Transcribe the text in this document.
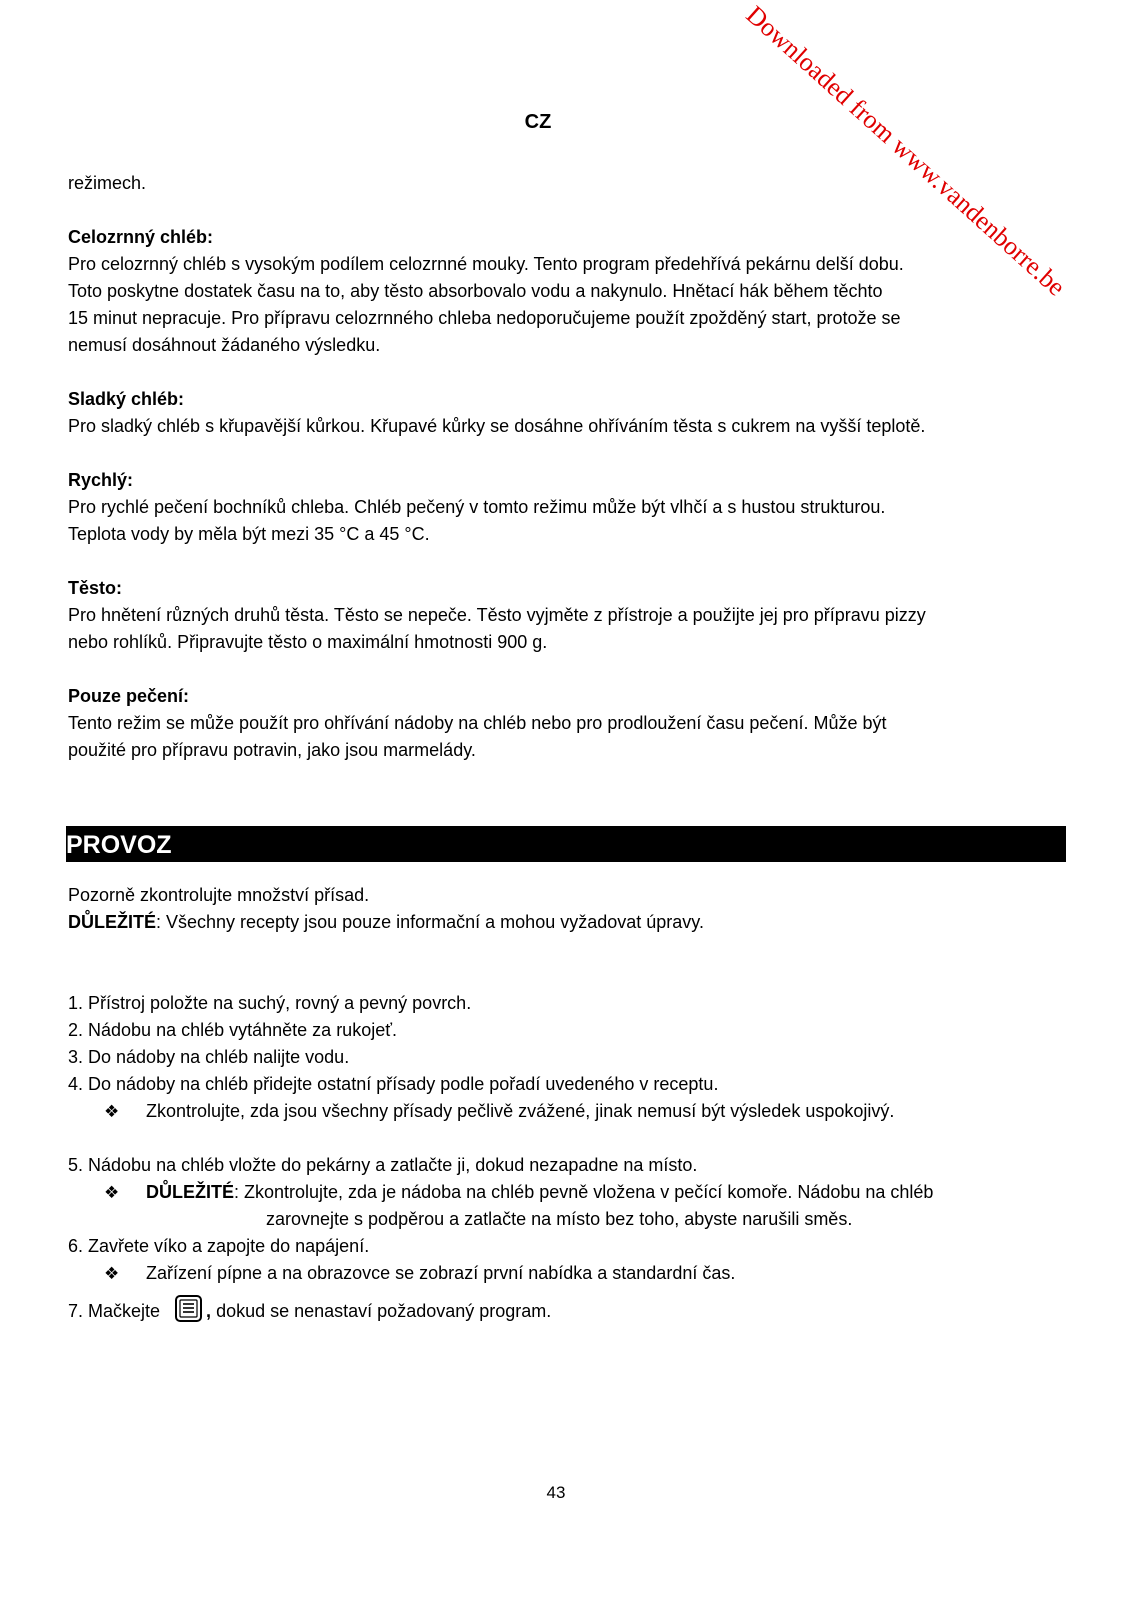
CZ	Downloaded from www.vandenborre.be

režimech.

Celozrnný chléb:

Pro celozrnný chléb s vysokým podílem celozrnné mouky. Tento program předehřívá pekárnu delší dobu.

Toto poskytne dostatek času na to, aby těsto absorbovalo vodu a nakynulo. Hnětací hák během těchto

15 minut nepracuje. Pro přípravu celozrnného chleba nedoporučujeme použít zpožděný start, protože se

nemusí dosáhnout žádaného výsledku.

Sladký chléb:

Pro sladký chléb s křupavější kůrkou. Křupavé kůrky se dosáhne ohříváním těsta s cukrem na vyšší teplotě.

Rychlý:

Pro rychlé pečení bochníků chleba. Chléb pečený v tomto režimu může být vlhčí a s hustou strukturou.

Teplota vody by měla být mezi 35 °C a 45 °C.

Těsto:

Pro hnětení různých druhů těsta. Těsto se nepeče. Těsto vyjměte z přístroje a použijte jej pro přípravu pizzy

nebo rohlíků. Připravujte těsto o maximální hmotnosti 900 g.

Pouze pečení:

Tento režim se může použít pro ohřívání nádoby na chléb nebo pro prodloužení času pečení. Může být

použité pro přípravu potravin, jako jsou marmelády.

PROVOZ

Pozorně zkontrolujte množství přísad.

DŮLEŽITÉ: Všechny recepty jsou pouze informační a mohou vyžadovat úpravy.

1. Přístroj položte na suchý, rovný a pevný povrch.

2. Nádobu na chléb vytáhněte za rukojeť.

3. Do nádoby na chléb nalijte vodu.

4. Do nádoby na chléb přidejte ostatní přísady podle pořadí uvedeného v receptu.

❖ Zkontrolujte, zda jsou všechny přísady pečlivě zvážené, jinak nemusí být výsledek uspokojivý.

5. Nádobu na chléb vložte do pekárny a zatlačte ji, dokud nezapadne na místo.

❖ DŮLEŽITÉ: Zkontrolujte, zda je nádoba na chléb pevně vložena v pečící komoře. Nádobu na chléb

zarovnejte s podpěrou a zatlačte na místo bez toho, abyste narušili směs.

6. Zavřete víko a zapojte do napájení.

❖ Zařízení pípne a na obrazovce se zobrazí první nabídka a standardní čas.

7. Mačkejte	, dokud se nenastaví požadovaný program.

43
